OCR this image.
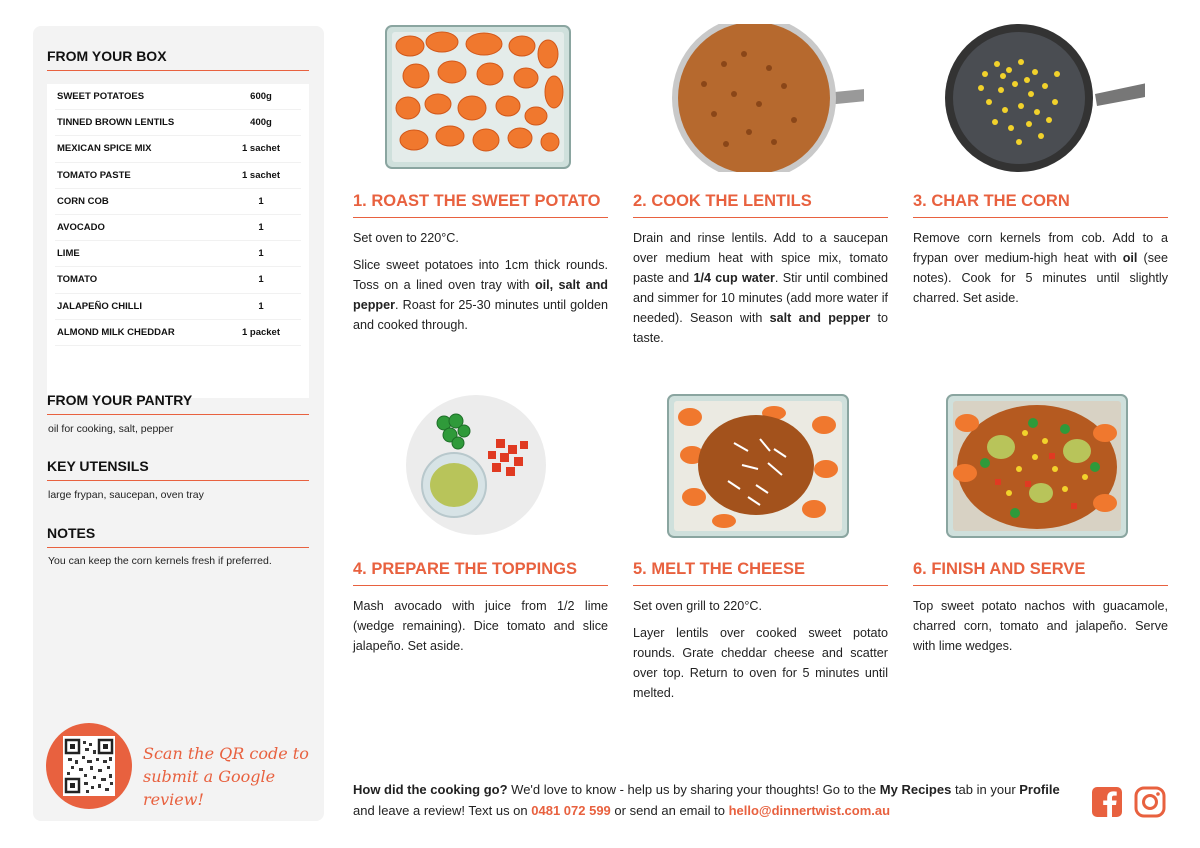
FROM YOUR BOX
SWEET POTATOES	600g
TINNED BROWN LENTILS	400g
MEXICAN SPICE MIX	1 sachet
TOMATO PASTE	1 sachet
CORN COB	1
AVOCADO	1
LIME	1
TOMATO	1
JALAPEÑO CHILLI	1
ALMOND MILK CHEDDAR	1 packet
FROM YOUR PANTRY
oil for cooking, salt, pepper
KEY UTENSILS
large frypan, saucepan, oven tray
NOTES
You can keep the corn kernels fresh if preferred.
Scan the QR code to
submit a Google review!
1. ROAST THE SWEET POTATO

Set oven to 220°C.

Slice sweet potatoes into 1cm thick rounds. Toss on a lined oven tray with oil, salt and pepper. Roast for 25-30 minutes until golden and cooked through.

2. COOK THE LENTILS

Drain and rinse lentils. Add to a saucepan over medium heat with spice mix, tomato paste and 1/4 cup water. Stir until combined and simmer for 10 minutes (add more water if needed). Season with salt and pepper to taste.

3. CHAR THE CORN

Remove corn kernels from cob. Add to a frypan over medium-high heat with oil (see notes). Cook for 5 minutes until slightly charred. Set aside.

4. PREPARE THE TOPPINGS

Mash avocado with juice from 1/2 lime (wedge remaining). Dice tomato and slice jalapeño. Set aside.

5. MELT THE CHEESE

Set oven grill to 220°C.

Layer lentils over cooked sweet potato rounds. Grate cheddar cheese and scatter over top. Return to oven for 5 minutes until melted.

6. FINISH AND SERVE

Top sweet potato nachos with guacamole, charred corn, tomato and jalapeño. Serve with lime wedges.

How did the cooking go? We'd love to know - help us by sharing your thoughts! Go to the My Recipes tab in your Profile and leave a review! Text us on 0481 072 599 or send an email to hello@dinnertwist.com.au
